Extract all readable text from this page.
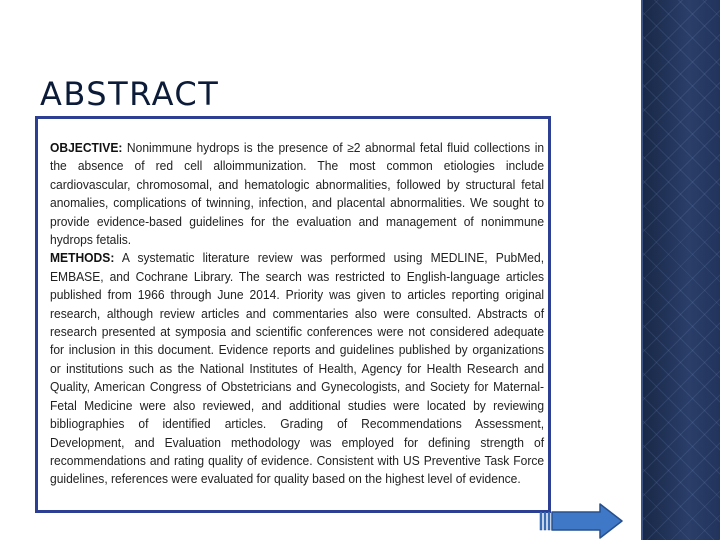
ABSTRACT

OBJECTIVE: Nonimmune hydrops is the presence of ≥2 abnormal fetal fluid collections in the absence of red cell alloimmunization. The most common etiologies include cardiovascular, chromosomal, and hematologic abnormalities, followed by structural fetal anomalies, complications of twinning, infection, and placental abnormalities. We sought to provide evidence-based guidelines for the evaluation and management of nonimmune hydrops fetalis.
METHODS: A systematic literature review was performed using MEDLINE, PubMed, EMBASE, and Cochrane Library. The search was restricted to English-language articles published from 1966 through June 2014. Priority was given to articles reporting original research, although review articles and commentaries also were consulted. Abstracts of research presented at symposia and scientific conferences were not considered adequate for inclusion in this document. Evidence reports and guidelines published by organizations or institutions such as the National Institutes of Health, Agency for Health Research and Quality, American Congress of Obstetricians and Gynecologists, and Society for Maternal-Fetal Medicine were also reviewed, and additional studies were located by reviewing bibliographies of identified articles. Grading of Recommendations Assessment, Development, and Evaluation methodology was employed for defining strength of recommendations and rating quality of evidence. Consistent with US Preventive Task Force guidelines, references were evaluated for quality based on the highest level of evidence.
